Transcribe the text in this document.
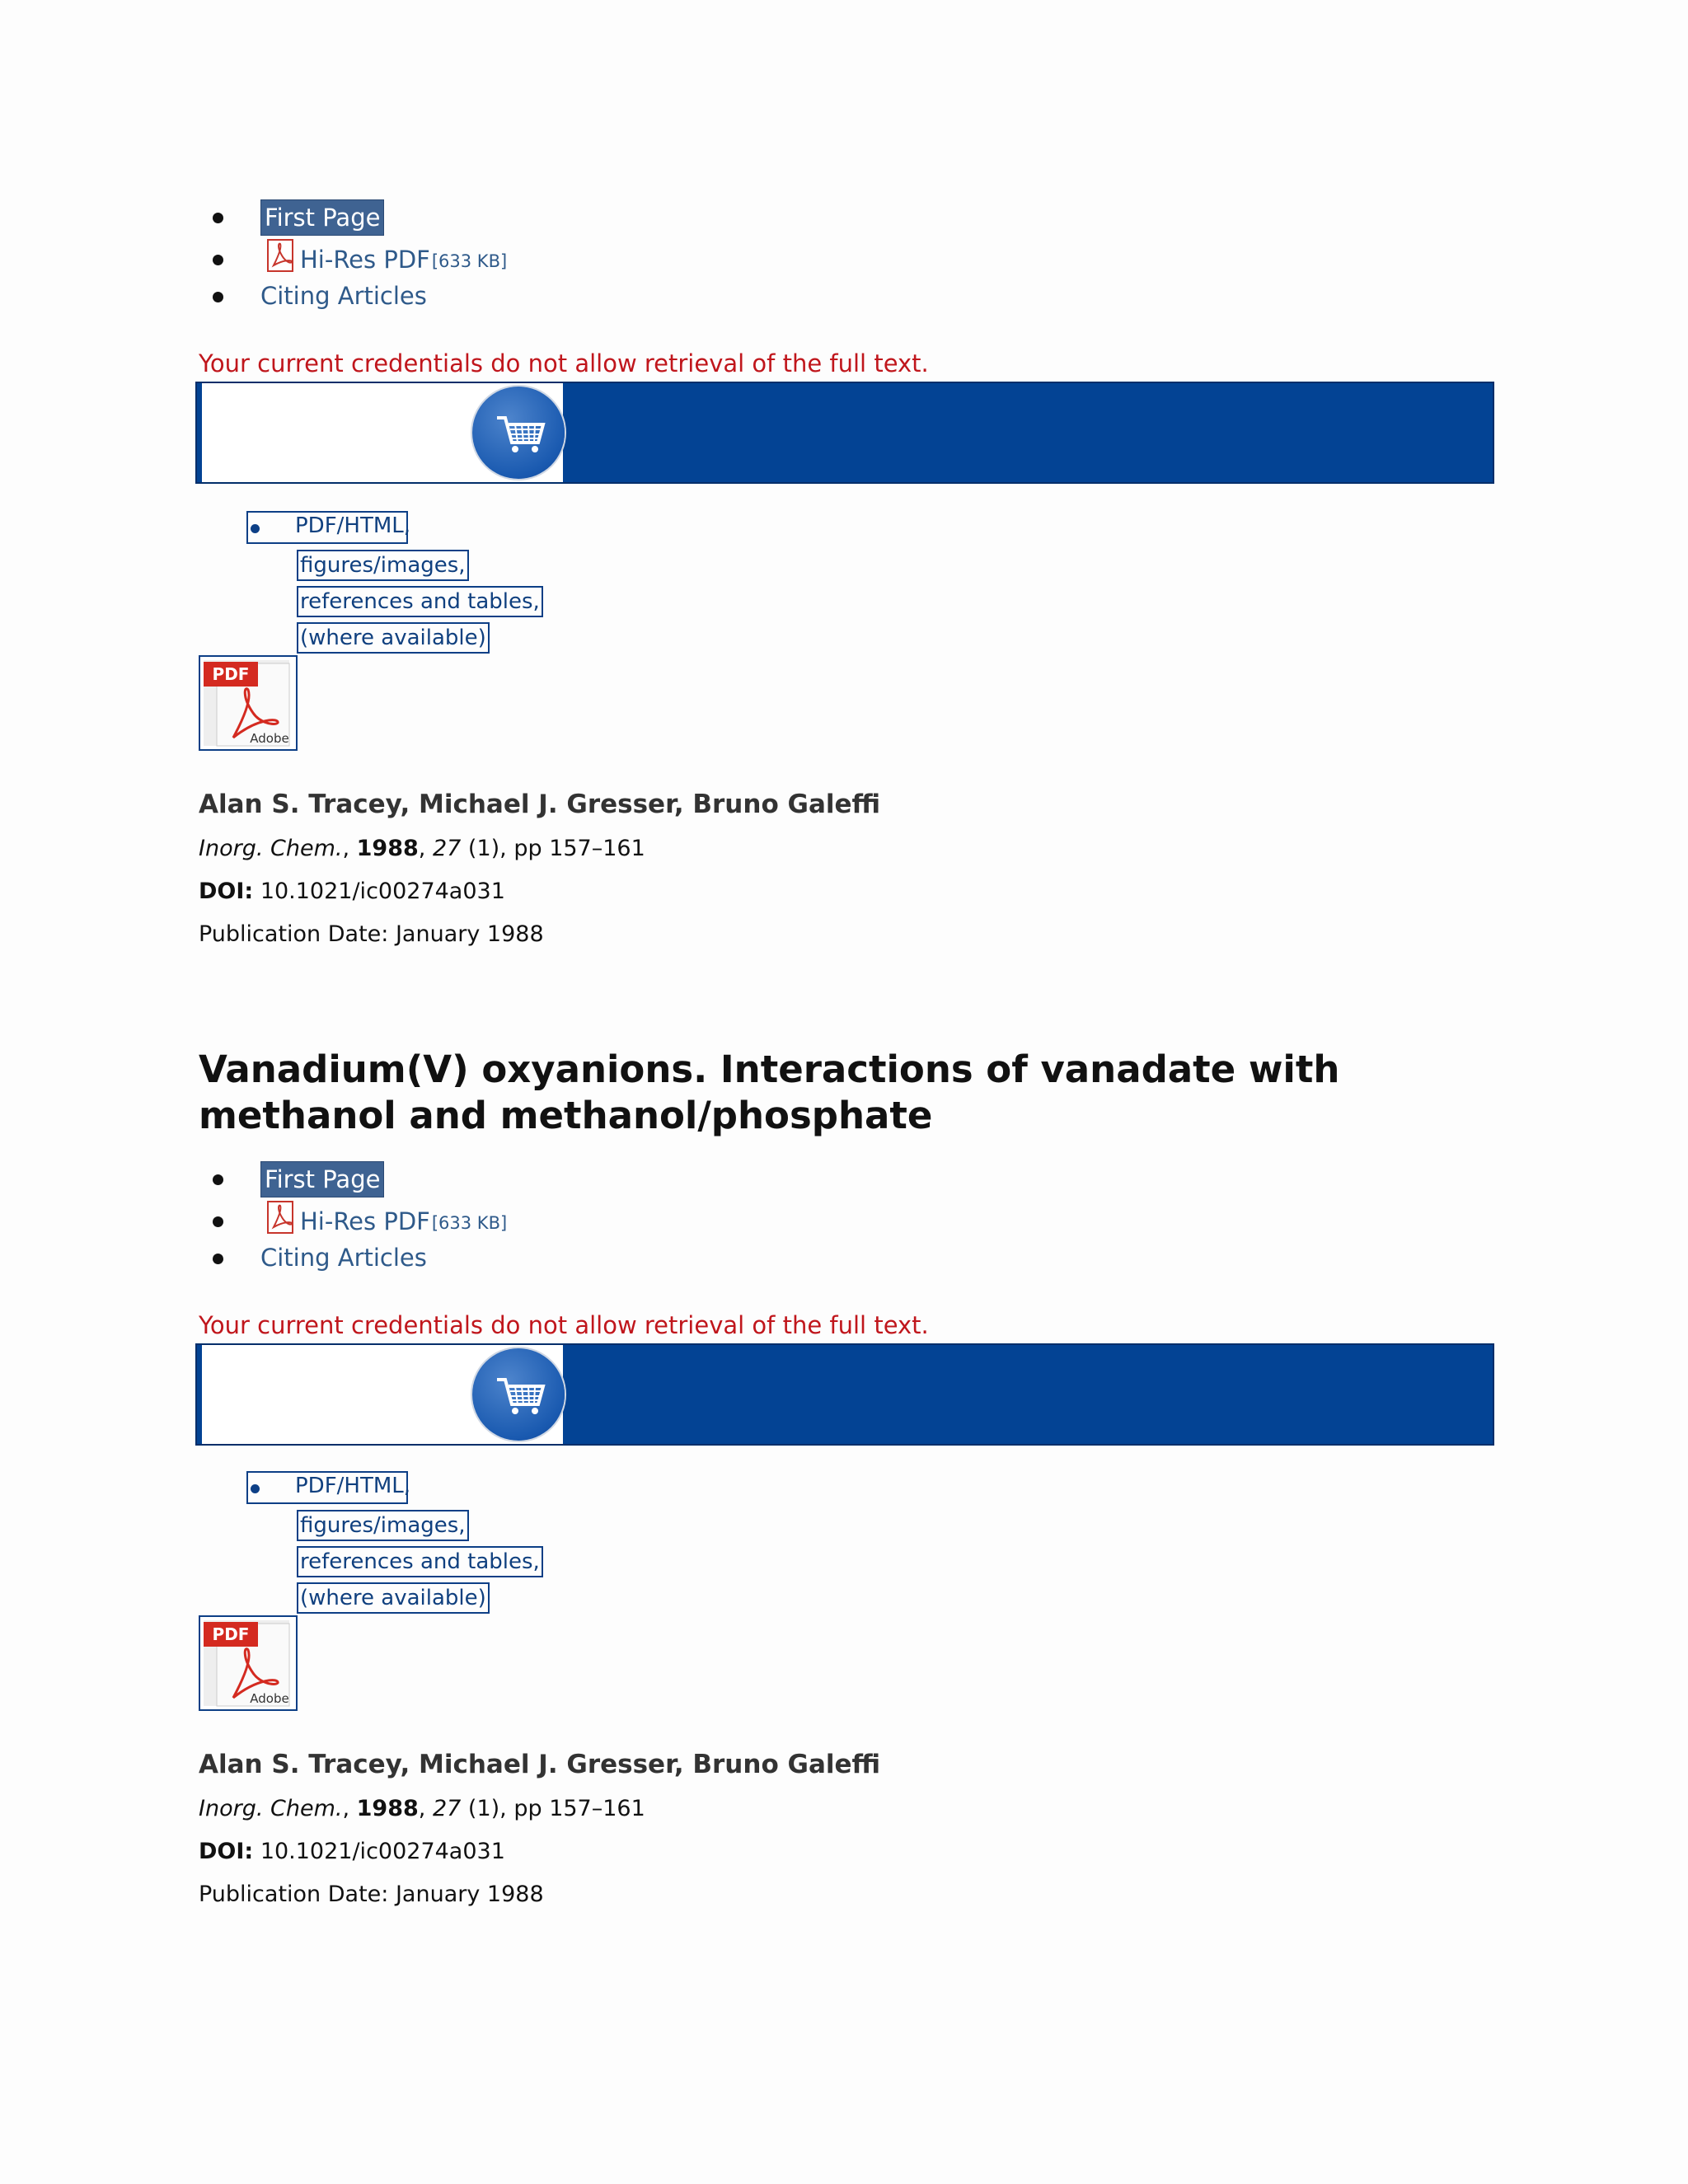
First Page
Hi-Res PDF [633 KB]
Citing Articles
Your current credentials do not allow retrieval of the full text.
PDF/HTML,
figures/images,
references and tables,
(where available)
PDF
Adobe
Alan S. Tracey, Michael J. Gresser, Bruno Galeffi
Inorg. Chem., 1988, 27 (1), pp 157–161
DOI: 10.1021/ic00274a031
Publication Date: January 1988
Vanadium(V) oxyanions. Interactions of vanadate with methanol and methanol/phosphate
First Page
Hi-Res PDF [633 KB]
Citing Articles
Your current credentials do not allow retrieval of the full text.
PDF/HTML,
figures/images,
references and tables,
(where available)
PDF
Adobe
Alan S. Tracey, Michael J. Gresser, Bruno Galeffi
Inorg. Chem., 1988, 27 (1), pp 157–161
DOI: 10.1021/ic00274a031
Publication Date: January 1988
